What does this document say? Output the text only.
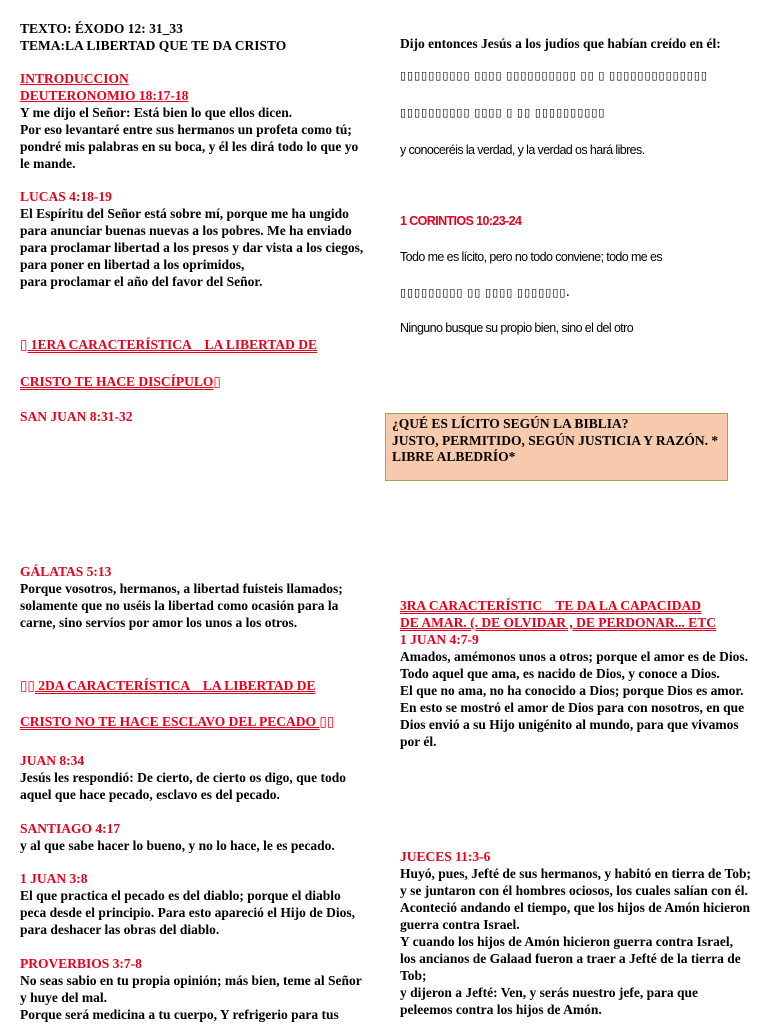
TEXTO: ÉXODO 12: 31_33

TEMA:LA LIBERTAD QUE TE DA CRISTO

INTRODUCCION

DEUTERONOMIO 18:17-18

Y me dijo el Señor: Está bien lo que ellos dicen.
Por eso levantaré entre sus hermanos un profeta como tú; pondré mis palabras en su boca, y él les dirá todo lo que yo le mande.

LUCAS 4:18-19

El Espíritu del Señor está sobre mí, porque me ha ungido para anunciar buenas nuevas a los pobres. Me ha enviado para proclamar libertad a los presos y dar vista a los ciegos, para poner en libertad a los oprimidos,
para proclamar el año del favor del Señor.

▯ 1ERA CARACTERÍSTICA _ LA LIBERTAD DE

CRISTO TE HACE DISCÍPULO▯

SAN JUAN 8:31-32

GÁLATAS 5:13

Porque vosotros, hermanos, a libertad fuisteis llamados; solamente que no uséis la libertad como ocasión para la carne, sino servíos por amor los unos a los otros.

▯▯ 2DA CARACTERÍSTICA _ LA LIBERTAD DE

CRISTO NO TE HACE ESCLAVO DEL PECADO ▯▯

JUAN 8:34

Jesús les respondió: De cierto, de cierto os digo, que todo aquel que hace pecado, esclavo es del pecado.

SANTIAGO 4:17

y al que sabe hacer lo bueno, y no lo hace, le es pecado.

1 JUAN 3:8

El que practica el pecado es del diablo; porque el diablo peca desde el principio. Para esto apareció el Hijo de Dios, para deshacer las obras del diablo.

PROVERBIOS 3:7-8

No seas sabio en tu propia opinión; más bien, teme al Señor y huye del mal.
Porque será medicina a tu cuerpo, Y refrigerio para tus

Dijo entonces Jesús a los judíos que habían creído en él:

▯▯▯▯▯▯▯▯▯▯ ▯▯▯▯ ▯▯▯▯▯▯▯▯▯▯ ▯▯ ▯ ▯▯▯▯▯▯▯▯▯▯▯▯▯▯

▯▯▯▯▯▯▯▯▯▯ ▯▯▯▯ ▯ ▯▯ ▯▯▯▯▯▯▯▯▯▯

y conoceréis la verdad, y la verdad os hará libres.

1 CORINTIOS 10:23-24

Todo me es lícito, pero no todo conviene; todo me es

▯▯▯▯▯▯▯▯▯ ▯▯ ▯▯▯▯ ▯▯▯▯▯▯▯.

Ninguno busque su propio bien, sino el del otro

¿QUÉ ES LÍCITO SEGÚN LA BIBLIA?

JUSTO, PERMITIDO, SEGÚN JUSTICIA Y RAZÓN. *

LIBRE ALBEDRÍO*

3RA CARACTERÍSTIC _ TE DA LA CAPACIDAD

DE AMAR. (. DE OLVIDAR , DE PERDONAR... ETC

1 JUAN 4:7-9

Amados, amémonos unos a otros; porque el amor es de Dios. Todo aquel que ama, es nacido de Dios, y conoce a Dios.
El que no ama, no ha conocido a Dios; porque Dios es amor.
En esto se mostró el amor de Dios para con nosotros, en que Dios envió a su Hijo unigénito al mundo, para que vivamos por él.

JUECES 11:3-6

Huyó, pues, Jefté de sus hermanos, y habitó en tierra de Tob; y se juntaron con él hombres ociosos, los cuales salían con él.
Aconteció andando el tiempo, que los hijos de Amón hicieron guerra contra Israel.
Y cuando los hijos de Amón hicieron guerra contra Israel, los ancianos de Galaad fueron a traer a Jefté de la tierra de Tob;
y dijeron a Jefté: Ven, y serás nuestro jefe, para que peleemos contra los hijos de Amón.
